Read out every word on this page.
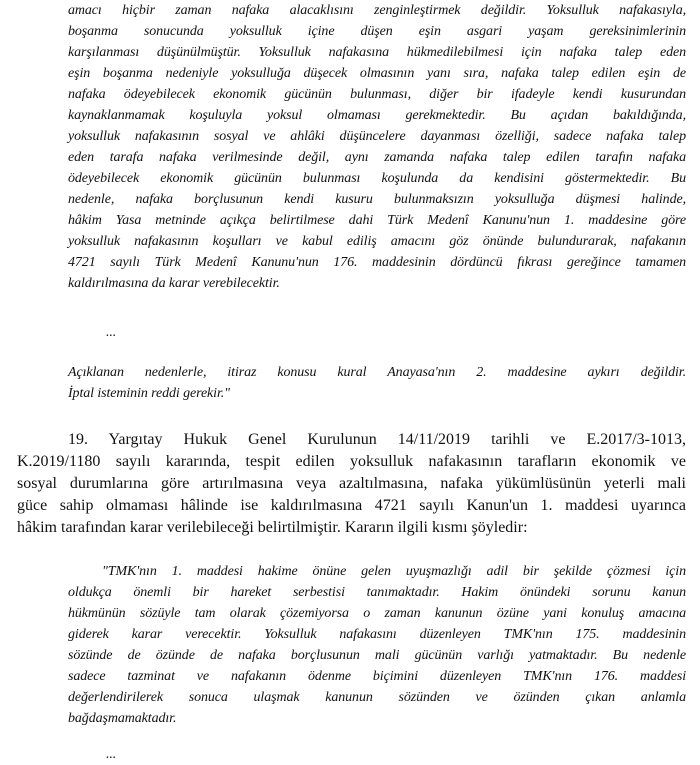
amacı hiçbir zaman nafaka alacaklısını zenginleştirmek değildir. Yoksulluk nafakasıyla,
boşanma sonucunda yoksulluk içine düşen eşin asgari yaşam gereksinimlerinin
karşılanması düşünülmüştür. Yoksulluk nafakasına hükmedilebilmesi için nafaka talep eden
eşin boşanma nedeniyle yoksulluğa düşecek olmasının yanı sıra, nafaka talep edilen eşin de
nafaka ödeyebilecek ekonomik gücünün bulunması, diğer bir ifadeyle kendi kusurundan
kaynaklanmamak koşuluyla yoksul olmaması gerekmektedir. Bu açıdan bakıldığında,
yoksulluk nafakasının sosyal ve ahlâki düşüncelere dayanması özelliği, sadece nafaka talep
eden tarafa nafaka verilmesinde değil, aynı zamanda nafaka talep edilen tarafın nafaka
ödeyebilecek ekonomik gücünün bulunması koşulunda da kendisini göstermektedir. Bu
nedenle, nafaka borçlusunun kendi kusuru bulunmaksızın yoksulluğa düşmesi halinde,
hâkim Yasa metninde açıkça belirtilmese dahi Türk Medenî Kanunu'nun 1. maddesine göre
yoksulluk nafakasının koşulları ve kabul ediliş amacını göz önünde bulundurarak, nafakanın
4721 sayılı Türk Medenî Kanunu'nun 176. maddesinin dördüncü fıkrası gereğince tamamen
kaldırılmasına da karar verebilecektir.
...
Açıklanan nedenlerle, itiraz konusu kural Anayasa'nın 2. maddesine aykırı değildir.
İptal isteminin reddi gerekir."
19. Yargıtay Hukuk Genel Kurulunun 14/11/2019 tarihli ve E.2017/3-1013,
K.2019/1180 sayılı kararında, tespit edilen yoksulluk nafakasının tarafların ekonomik ve
sosyal durumlarına göre artırılmasına veya azaltılmasına, nafaka yükümlüsünün yeterli mali
güce sahip olmaması hâlinde ise kaldırılmasına 4721 sayılı Kanun'un 1. maddesi uyarınca
hâkim tarafından karar verilebileceği belirtilmiştir. Kararın ilgili kısmı şöyledir:
"TMK'nın 1. maddesi hakime önüne gelen uyuşmazlığı adil bir şekilde çözmesi için
oldukça önemli bir hareket serbestisi tanımaktadır. Hakim önündeki sorunu kanun
hükmünün sözüyle tam olarak çözemiyorsa o zaman kanunun özüne yani konuluş amacına
giderek karar verecektir. Yoksulluk nafakasını düzenleyen TMK'nın 175. maddesinin
sözünde de özünde de nafaka borçlusunun mali gücünün varlığı yatmaktadır. Bu nedenle
sadece tazminat ve nafakanın ödenme biçimini düzenleyen TMK'nın 176. maddesi
değerlendirilerek sonuca ulaşmak kanunun sözünden ve özünden çıkan anlamla
bağdaşmamaktadır.
...
